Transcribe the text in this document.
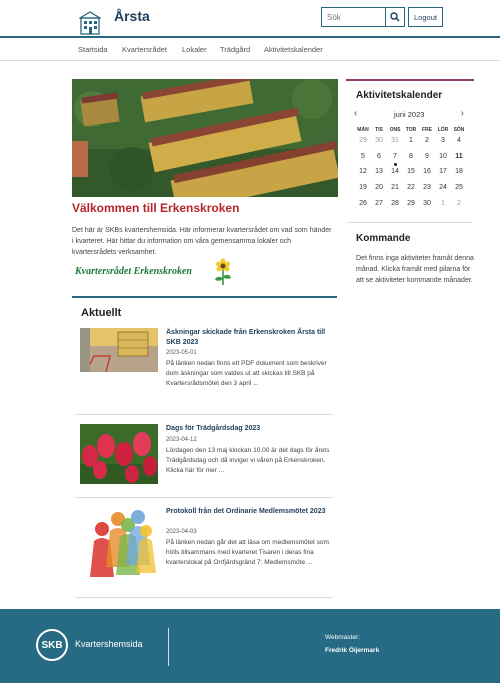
Årsta
Sök	Logout
Startsida Kvartersrådet Lokaler Trädgård Aktivitetskalender
Välkommen till Erkenskroken
Det här är SKBs kvartershemsida. Här informerar kvartersrådet om vad som händer i kvarteret. Här hittar du information om våra gemensamma lokaler och kvartersrådets verksamhet.
Kvartersrådet Erkenskroken
Aktuellt
Äskningar skickade från Erkenskroken Årsta till SKB 2023
2023-05-01
På länken nedan finns ett PDF dokument som beskriver dom äskningar som valdes ut att skickas till SKB på Kvartersrådsmötet den 3 april ...
Dags för Trädgårdsdag 2023
2023-04-12
Lördagen den 13 maj klockan 10.00 är det dags för årets Trädgårdsdag och då inviger vi våren på Erkenskroken. Klicka här för mer ...
Protokoll från det Ordinarie Medlemsmötet 2023
2023-04-03
På länken nedan går det att läsa om medlemsmötet som hölls tillsammans med kvarteret Tisaren i deras fina kvarterslokal på Orrfjärdsgränd 7: Medlemsmöte ...
Aktivitetskalender
‹	juni 2023	›
MÅN	TIS	ONS	TOR	FRE	LÖR	SÖN
29	30	31	1	2	3	4
5	6	7	8	9	10	11
12	13	14	15	16	17	18
19	20	21	22	23	24	25
26	27	28	29	30	1	2
Kommande
Det finns inga aktiviteter framåt denna månad. Klicka framåt med pilarna för att se aktiviteter kommande månader.
SKB	Kvartershemsida
Webmaster:
Fredrik Öijermark
